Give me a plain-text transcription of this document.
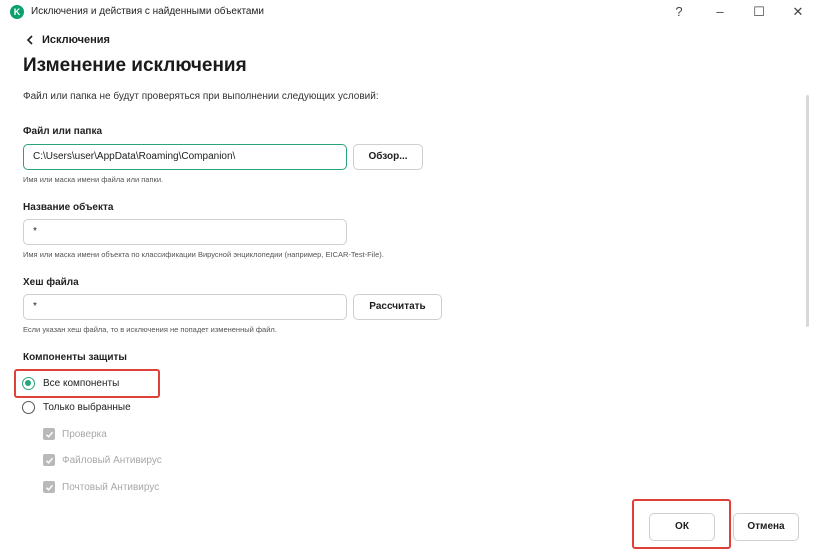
K	Исключения и действия с найденными объектами	?	–	☐	✕
Исключения
Изменение исключения
Файл или папка не будут проверяться при выполнении следующих условий:
Файл или папка
C:\Users\user\AppData\Roaming\Companion\	Обзор...
Имя или маска имени файла или папки.
Название объекта
*
Имя или маска имени объекта по классификации Вирусной энциклопедии (например, EICAR-Test-File).
Хеш файла
*	Рассчитать
Если указан хеш файла, то в исключения не попадет измененный файл.
Компоненты защиты
Все компоненты
Только выбранные
Проверка
Файловый Антивирус
Почтовый Антивирус
ОК	Отмена
